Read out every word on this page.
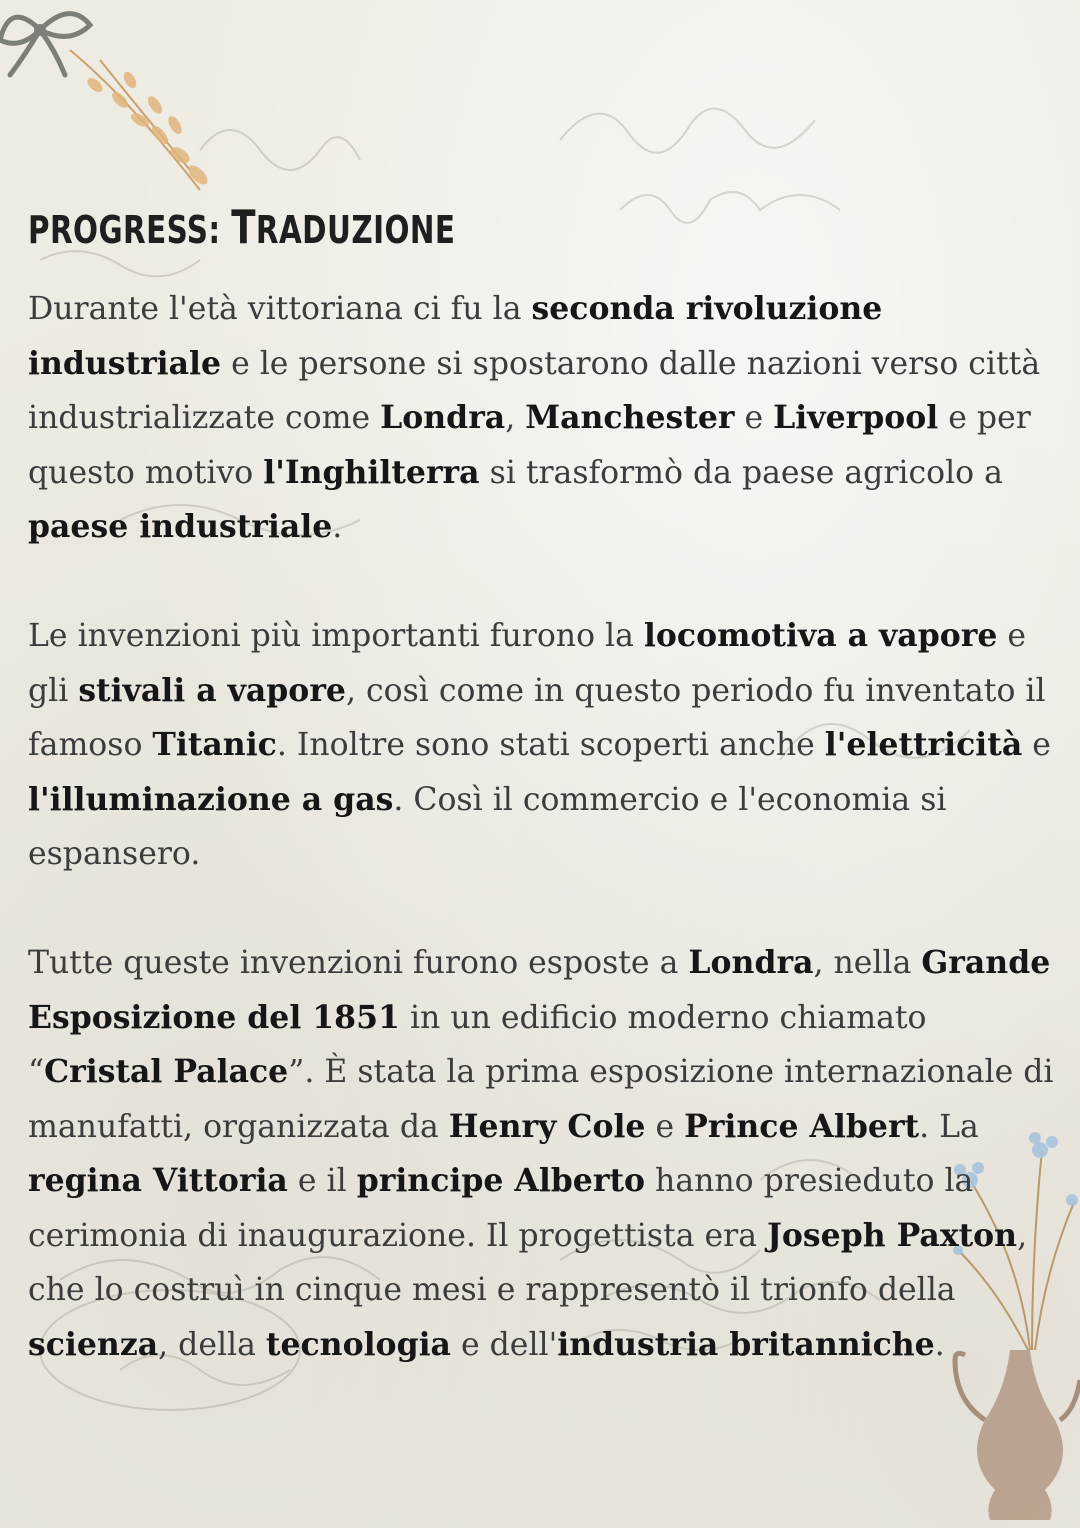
PROGRESS: TRADUZIONE

Durante l'età vittoriana ci fu la seconda rivoluzione industriale e le persone si spostarono dalle nazioni verso città industrializzate come Londra, Manchester e Liverpool e per questo motivo l'Inghilterra si trasformò da paese agricolo a paese industriale.

Le invenzioni più importanti furono la locomotiva a vapore e gli stivali a vapore, così come in questo periodo fu inventato il famoso Titanic. Inoltre sono stati scoperti anche l'elettricità e l'illuminazione a gas. Così il commercio e l'economia si espansero.

Tutte queste invenzioni furono esposte a Londra, nella Grande Esposizione del 1851 in un edificio moderno chiamato “Cristal Palace”. È stata la prima esposizione internazionale di manufatti, organizzata da Henry Cole e Prince Albert. La regina Vittoria e il principe Alberto hanno presieduto la cerimonia di inaugurazione. Il progettista era Joseph Paxton, che lo costruì in cinque mesi e rappresentò il trionfo della scienza, della tecnologia e dell'industria britanniche.
